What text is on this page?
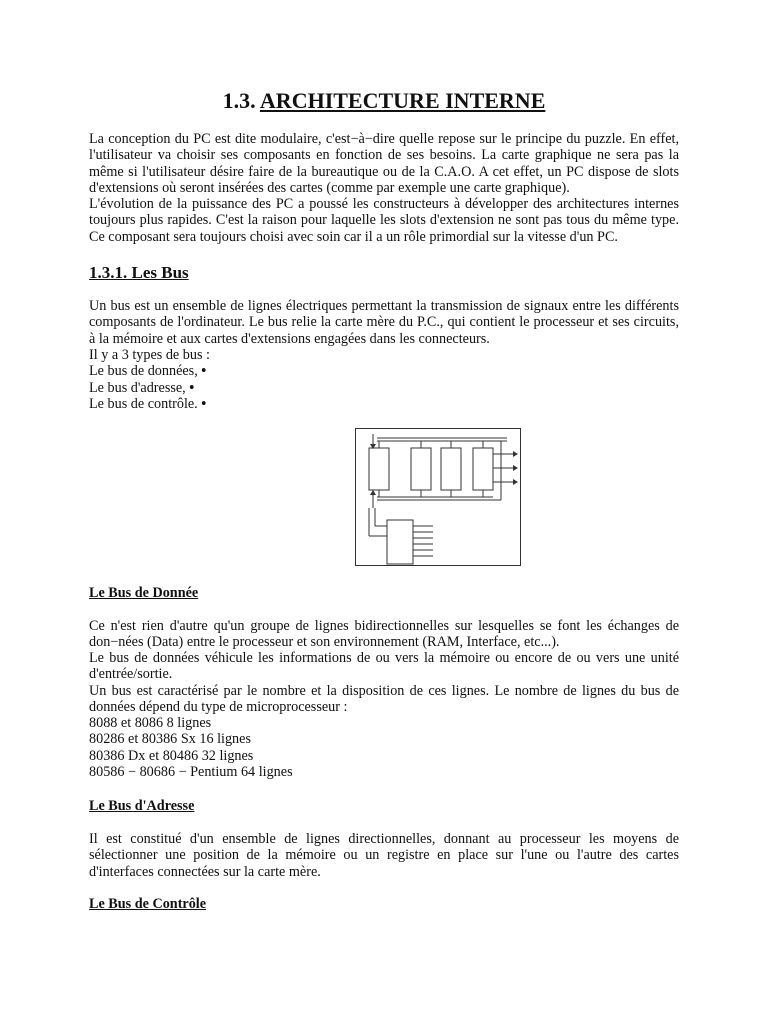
1.3. ARCHITECTURE INTERNE
La conception du PC est dite modulaire, c'est−à−dire quelle repose sur le principe du puzzle. En effet, l'utilisateur va choisir ses composants en fonction de ses besoins. La carte graphique ne sera pas la même si l'utilisateur désire faire de la bureautique ou de la C.A.O. A cet effet, un PC dispose de slots d'extensions où seront insérées des cartes (comme par exemple une carte graphique).
L'évolution de la puissance des PC a poussé les constructeurs à développer des architectures internes toujours plus rapides. C'est la raison pour laquelle les slots d'extension ne sont pas tous du même type. Ce composant sera toujours choisi avec soin car il a un rôle primordial sur la vitesse d'un PC.
1.3.1. Les Bus
Un bus est un ensemble de lignes électriques permettant la transmission de signaux entre les différents composants de l'ordinateur. Le bus relie la carte mère du P.C., qui contient le processeur et ses circuits, à la mémoire et aux cartes d'extensions engagées dans les connecteurs.
Il y a 3 types de bus :
Le bus de données, •
Le bus d'adresse, •
Le bus de contrôle. •
Le Bus de Donnée
Ce n'est rien d'autre qu'un groupe de lignes bidirectionnelles sur lesquelles se font les échanges de don−nées (Data) entre le processeur et son environnement (RAM, Interface, etc...).
Le bus de données véhicule les informations de ou vers la mémoire ou encore de ou vers une unité d'entrée/sortie.
Un bus est caractérisé par le nombre et la disposition de ces lignes. Le nombre de lignes du bus de données dépend du type de microprocesseur :
8088 et 8086 8 lignes
80286 et 80386 Sx 16 lignes
80386 Dx et 80486 32 lignes
80586 − 80686 − Pentium 64 lignes
Le Bus d'Adresse
Il est constitué d'un ensemble de lignes directionnelles, donnant au processeur les moyens de sélectionner une position de la mémoire ou un registre en place sur l'une ou l'autre des cartes d'interfaces connectées sur la carte mère.
Le Bus de Contrôle
